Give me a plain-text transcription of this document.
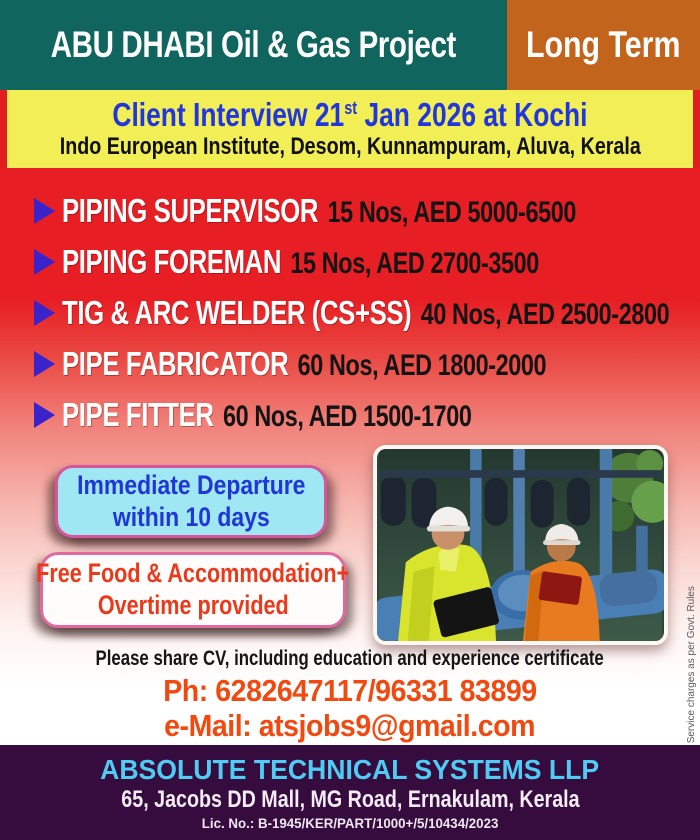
ABU DHABI Oil & Gas Project Long Term
Client Interview 21st Jan 2026 at Kochi
Indo European Institute, Desom, Kunnampuram, Aluva, Kerala
PIPING SUPERVISOR 15 Nos, AED 5000-6500
PIPING FOREMAN 15 Nos, AED 2700-3500
TIG & ARC WELDER (CS+SS) 40 Nos, AED 2500-2800
PIPE FABRICATOR 60 Nos, AED 1800-2000
PIPE FITTER 60 Nos, AED 1500-1700
Immediate Departure
within 10 days
Free Food & Accommodation+
Overtime provided
Please share CV, including education and experience certificate
Ph: 6282647117/96331 83899
e-Mail: atsjobs9@gmail.com	Service charges as per Govt. Rules
ABSOLUTE TECHNICAL SYSTEMS LLP
65, Jacobs DD Mall, MG Road, Ernakulam, Kerala
Lic. No.: B-1945/KER/PART/1000+/5/10434/2023
